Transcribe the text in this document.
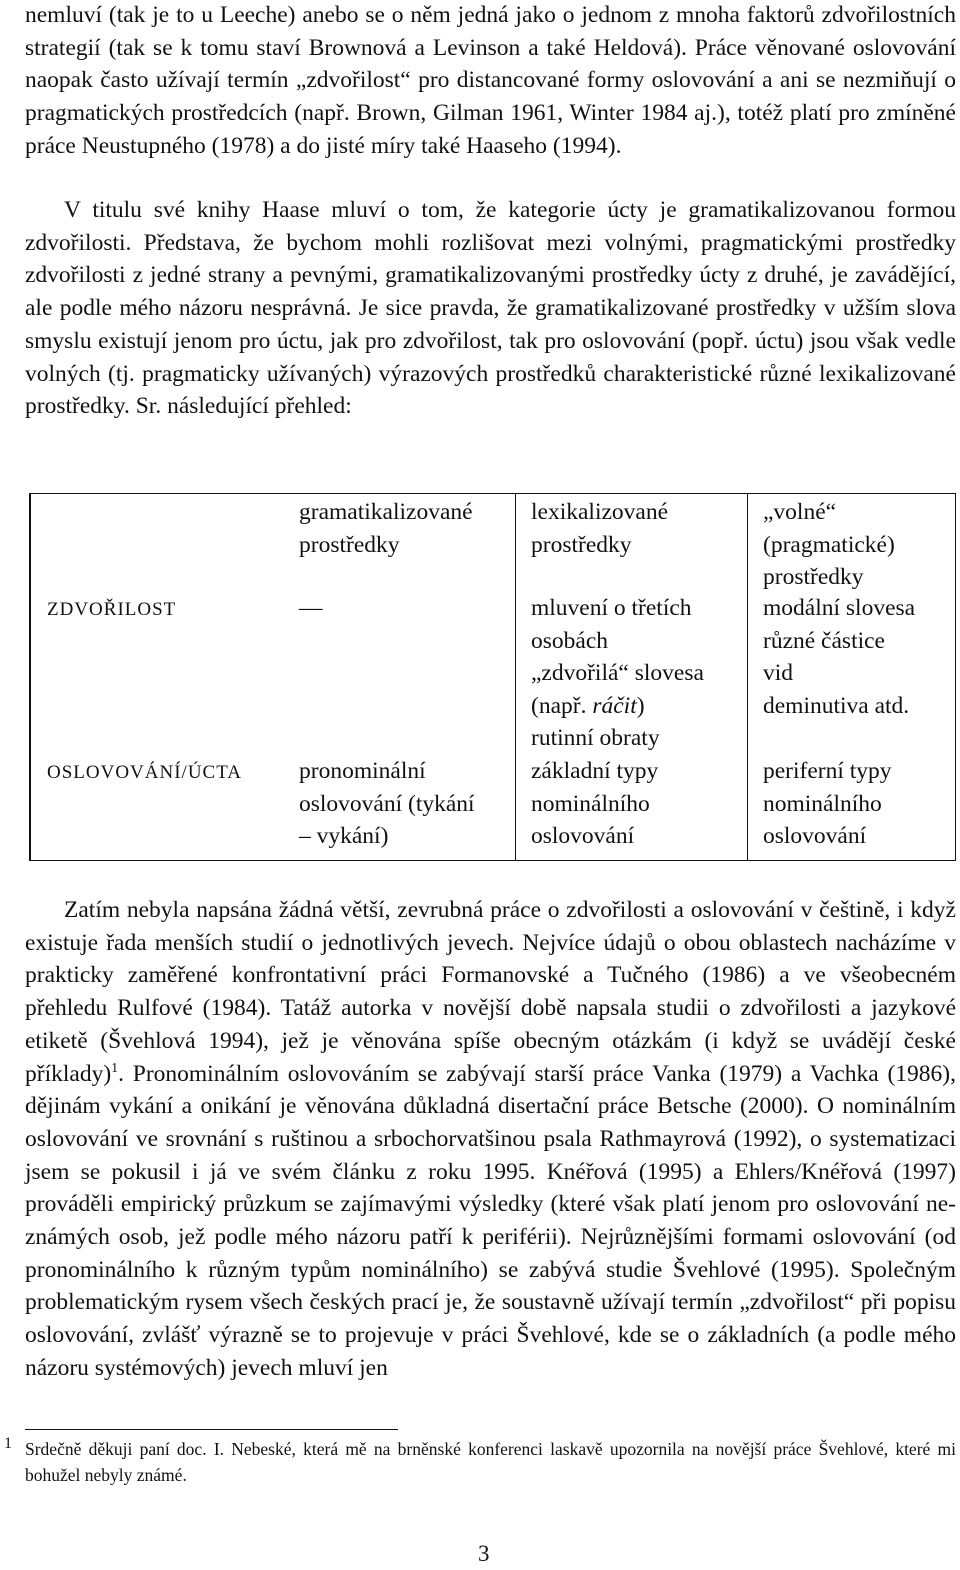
nemluví (tak je to u Leeche) anebo se o něm jedná jako o jednom z mnoha faktorů zdvořilostních strategií (tak se k tomu staví Brownová a Levinson a také Heldová). Práce věnované oslovování naopak často užívají termín „zdvořilost“ pro distancované formy oslovování a ani se nezmiňují o pragmatických prostředcích (např. Brown, Gilman 1961, Winter 1984 aj.), totéž platí pro zmíněné práce Neustupného (1978) a do jisté míry také Haaseho (1994).

V titulu své knihy Haase mluví o tom, že kategorie úcty je gramatikalizovanou formou zdvořilosti. Představa, že bychom mohli rozlišovat mezi volnými, pragmatickými prostředky zdvořilosti z jedné strany a pevnými, gramatikalizovanými prostředky úcty z druhé, je zavádějící, ale podle mého názoru nesprávná. Je sice pravda, že gramatikalizované prostředky v užším slova smyslu existují jenom pro úctu, jak pro zdvořilost, tak pro oslovování (popř. úctu) jsou však vedle volných (tj. pragmaticky užívaných) výrazových prostředků charakteristické různé lexikalizované prostředky. Sr. následující přehled:

gramatikalizované
prostředky
lexikalizované
prostředky
„volné“
(pragmatické)
prostředky
ZDVOŘILOST	—	mluvení o třetích
osobách
„zdvořilá“ slovesa
(např. ráčit)
rutinní obraty
modální slovesa
různé částice
vid
deminutiva atd.
OSLOVOVÁNÍ/ÚCTA pronominální
oslovování (tykání
– vykání)
základní typy
nominálního
oslovování
periferní typy
nominálního
oslovování

Zatím nebyla napsána žádná větší, zevrubná práce o zdvořilosti a oslovování v češtině, i když existuje řada menších studií o jednotlivých jevech. Nejvíce údajů o obou oblastech nacházíme v prakticky zaměřené konfrontativní práci Formanovské a Tučného (1986) a ve všeobecném přehledu Rulfové (1984). Tatáž autorka v novější době napsala studii o zdvořilosti a jazykové etiketě (Švehlová 1994), jež je věnována spíše obecným otázkám (i když se uvádějí české příklady)$^1$. Pronominálním oslovováním se zabývají starší práce Vanka (1979) a Vachka (1986), dějinám vykání a onikání je věnována důkladná disertační práce Betsche (2000). O nominálním oslovování ve srovnání s ruštinou a srbochorvatšinou psala Rathmayrová (1992), o systematizaci jsem se pokusil i já ve svém článku z roku 1995. Knéřová (1995) a Ehlers/Knéřová (1997) prováděli empirický průzkum se zajímavými výsledky (které však platí jenom pro oslovování neznámých osob, jež podle mého názoru patří k periférii). Nejrůznějšími formami oslovování (od pronominálního k různým typům nominálního) se zabývá studie Švehlové (1995). Společným problematickým rysem všech českých prací je, že soustavně užívají termín „zdvořilost“ při popisu oslovování, zvlášť výrazně se to projevuje v práci Švehlové, kde se o základních (a podle mého názoru systémových) jevech mluví jen

1 Srdečně děkuji paní doc. I. Nebeské, která mě na brněnské konferenci laskavě upozornila na novější práce Švehlové, které mi bohužel nebyly známé.

3
